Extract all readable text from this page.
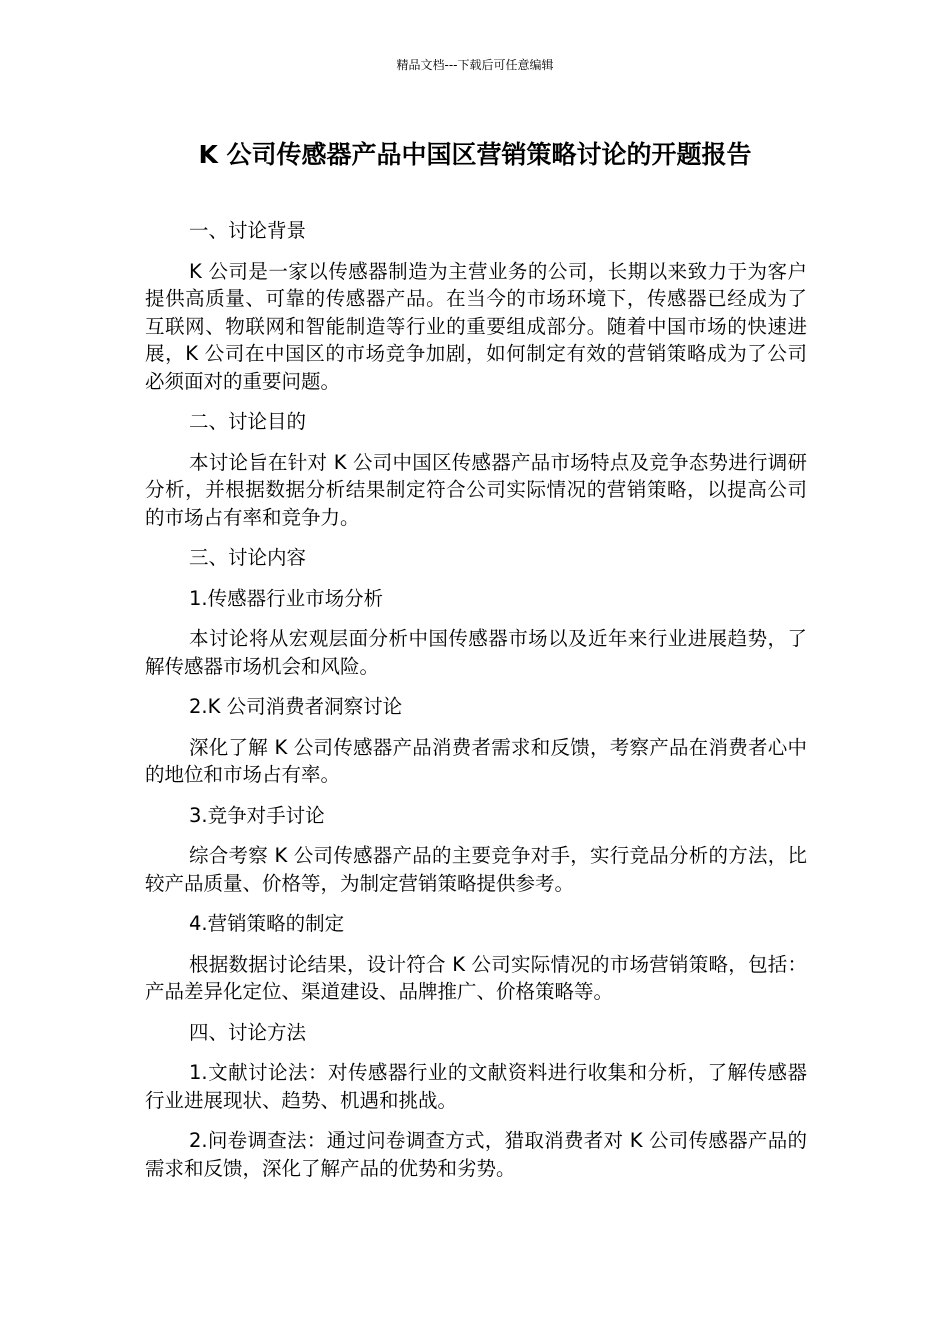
精品文档---下载后可任意编辑
K 公司传感器产品中国区营销策略讨论的开题报告

一、讨论背景

K 公司是一家以传感器制造为主营业务的公司，长期以来致力于为客户提供高质量、可靠的传感器产品。在当今的市场环境下，传感器已经成为了互联网、物联网和智能制造等行业的重要组成部分。随着中国市场的快速进展，K 公司在中国区的市场竞争加剧，如何制定有效的营销策略成为了公司必须面对的重要问题。

二、讨论目的

本讨论旨在针对 K 公司中国区传感器产品市场特点及竞争态势进行调研分析，并根据数据分析结果制定符合公司实际情况的营销策略，以提高公司的市场占有率和竞争力。

三、讨论内容

1.传感器行业市场分析

本讨论将从宏观层面分析中国传感器市场以及近年来行业进展趋势，了解传感器市场机会和风险。

2.K 公司消费者洞察讨论

深化了解 K 公司传感器产品消费者需求和反馈，考察产品在消费者心中的地位和市场占有率。

3.竞争对手讨论

综合考察 K 公司传感器产品的主要竞争对手，实行竞品分析的方法，比较产品质量、价格等，为制定营销策略提供参考。

4.营销策略的制定

根据数据讨论结果，设计符合 K 公司实际情况的市场营销策略，包括：产品差异化定位、渠道建设、品牌推广、价格策略等。

四、讨论方法

1.文献讨论法：对传感器行业的文献资料进行收集和分析，了解传感器行业进展现状、趋势、机遇和挑战。

2.问卷调查法：通过问卷调查方式，猎取消费者对 K 公司传感器产品的需求和反馈，深化了解产品的优势和劣势。
